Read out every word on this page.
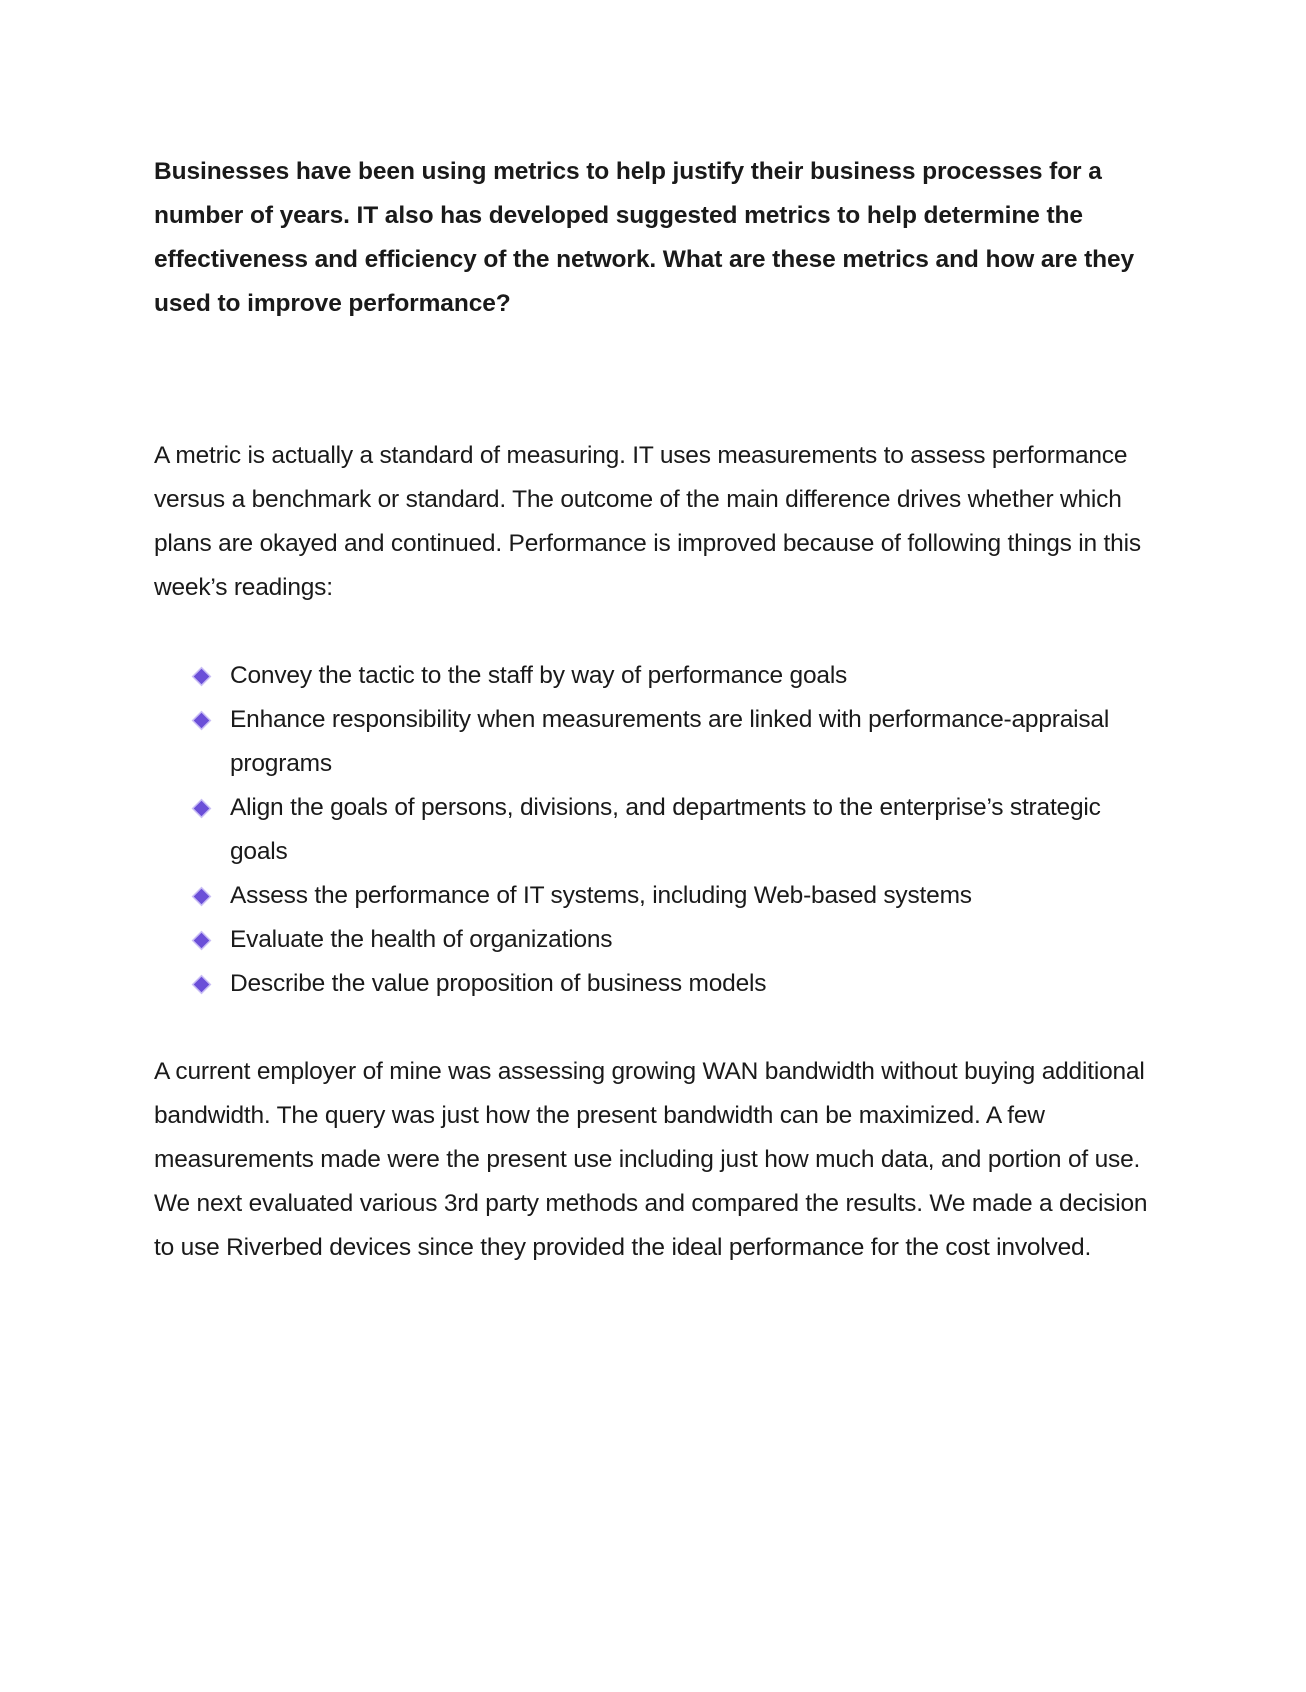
Businesses have been using metrics to help justify their business processes for a number of years. IT also has developed suggested metrics to help determine the effectiveness and efficiency of the network. What are these metrics and how are they used to improve performance?

A metric is actually a standard of measuring. IT uses measurements to assess performance versus a benchmark or standard. The outcome of the main difference drives whether which plans are okayed and continued. Performance is improved because of following things in this week’s readings:

Convey the tactic to the staff by way of performance goals
Enhance responsibility when measurements are linked with performance-appraisal programs
Align the goals of persons, divisions, and departments to the enterprise’s strategic goals
Assess the performance of IT systems, including Web-based systems
Evaluate the health of organizations
Describe the value proposition of business models

A current employer of mine was assessing growing WAN bandwidth without buying additional bandwidth. The query was just how the present bandwidth can be maximized. A few measurements made were the present use including just how much data, and portion of use. We next evaluated various 3rd party methods and compared the results. We made a decision to use Riverbed devices since they provided the ideal performance for the cost involved.
